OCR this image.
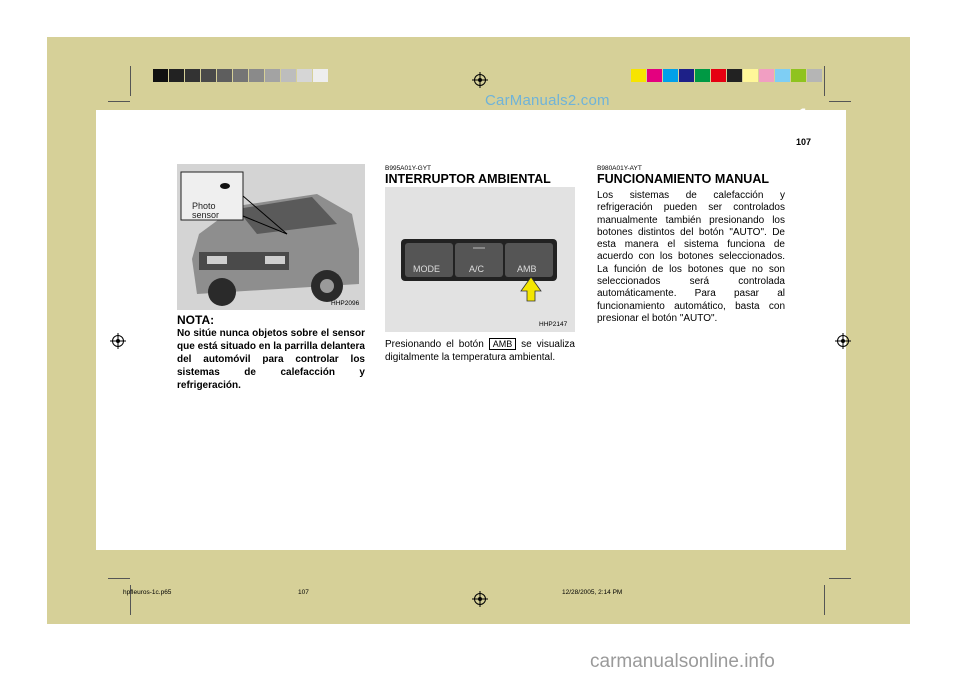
CarManuals2.com
COMPONENTES DE SU HYUNDAI 1
107
Photo
sensor
HHP2096
NOTA:
No sitúe nunca objetos sobre el sensor que está situado en la parrilla delantera del automóvil para controlar los sistemas de calefacción y refrigeración.
B995A01Y-GYT
INTERRUPTOR AMBIENTAL
MODE	A/C	AMB
HHP2147
Presionando el botón AMB se visualiza digitalmente la temperatura ambiental.
B980A01Y-AYT
FUNCIONAMIENTO MANUAL
Los sistemas de calefacción y refrigeración pueden ser controlados manualmente también presionando los botones distintos del botón "AUTO". De esta manera el sistema funciona de acuerdo con los botones seleccionados. La función de los botones que no son seleccionados será controlada automáticamente. Para pasar al funcionamiento automático, basta con presionar el botón "AUTO".
hpfleuros-1c.p65	107	12/28/2005, 2:14 PM
carmanualsonline.info
